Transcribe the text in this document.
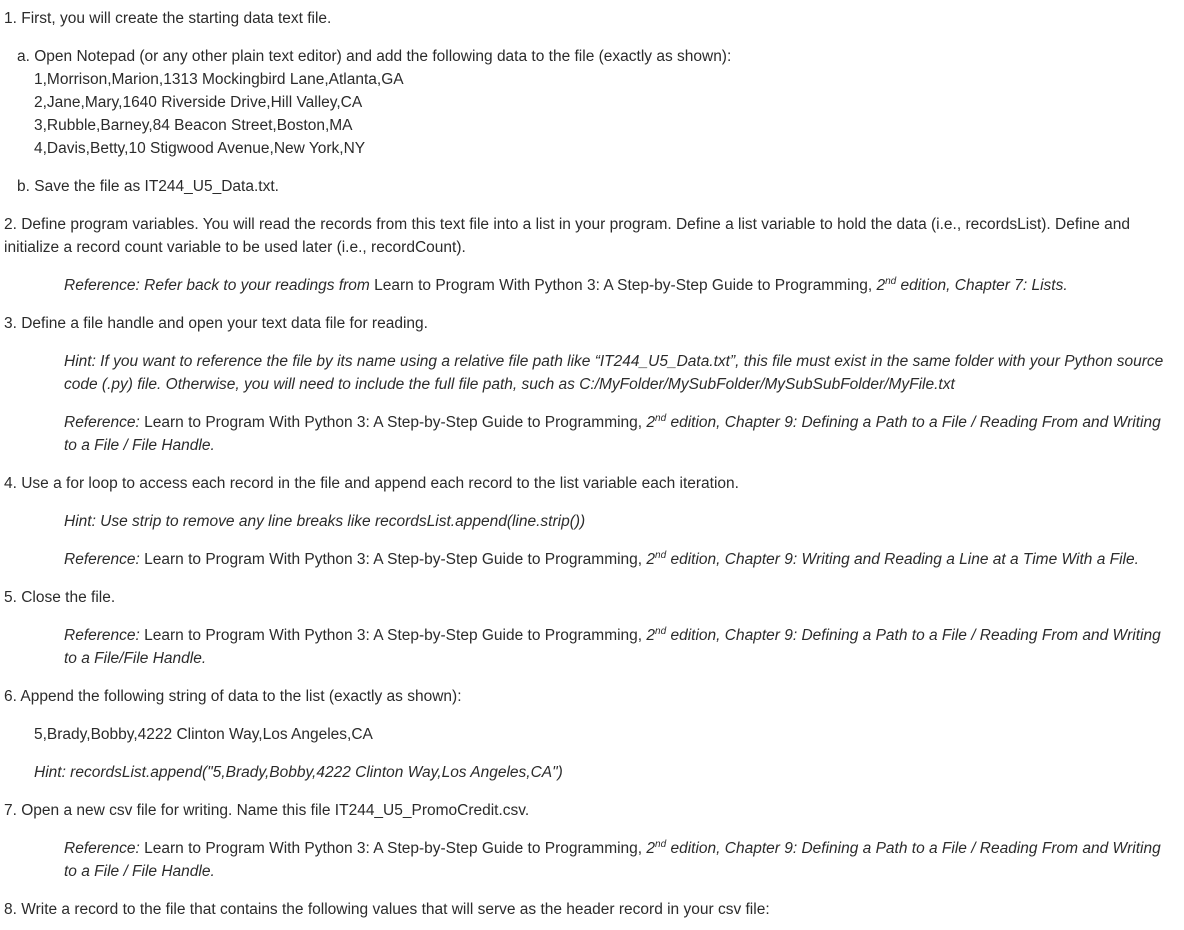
1. First, you will create the starting data text file.

a. Open Notepad (or any other plain text editor) and add the following data to the file (exactly as shown):

1,Morrison,Marion,1313 Mockingbird Lane,Atlanta,GA

2,Jane,Mary,1640 Riverside Drive,Hill Valley,CA

3,Rubble,Barney,84 Beacon Street,Boston,MA

4,Davis,Betty,10 Stigwood Avenue,New York,NY

b. Save the file as IT244_U5_Data.txt.

2. Define program variables. You will read the records from this text file into a list in your program. Define a list variable to hold the data (i.e., recordsList). Define and initialize a record count variable to be used later (i.e., recordCount).

Reference: Refer back to your readings from Learn to Program With Python 3: A Step-by-Step Guide to Programming, 2nd edition, Chapter 7: Lists.

3. Define a file handle and open your text data file for reading.

Hint: If you want to reference the file by its name using a relative file path like “IT244_U5_Data.txt”, this file must exist in the same folder with your Python source code (.py) file. Otherwise, you will need to include the full file path, such as C:/MyFolder/MySubFolder/MySubSubFolder/MyFile.txt

Reference: Learn to Program With Python 3: A Step-by-Step Guide to Programming, 2nd edition, Chapter 9: Defining a Path to a File / Reading From and Writing to a File / File Handle.

4. Use a for loop to access each record in the file and append each record to the list variable each iteration.

Hint: Use strip to remove any line breaks like recordsList.append(line.strip())

Reference: Learn to Program With Python 3: A Step-by-Step Guide to Programming, 2nd edition, Chapter 9: Writing and Reading a Line at a Time With a File.

5. Close the file.

Reference: Learn to Program With Python 3: A Step-by-Step Guide to Programming, 2nd edition, Chapter 9: Defining a Path to a File / Reading From and Writing to a File/File Handle.

6. Append the following string of data to the list (exactly as shown):

5,Brady,Bobby,4222 Clinton Way,Los Angeles,CA

Hint: recordsList.append("5,Brady,Bobby,4222 Clinton Way,Los Angeles,CA")

7. Open a new csv file for writing. Name this file IT244_U5_PromoCredit.csv.

Reference: Learn to Program With Python 3: A Step-by-Step Guide to Programming, 2nd edition, Chapter 9: Defining a Path to a File / Reading From and Writing to a File / File Handle.

8. Write a record to the file that contains the following values that will serve as the header record in your csv file:
